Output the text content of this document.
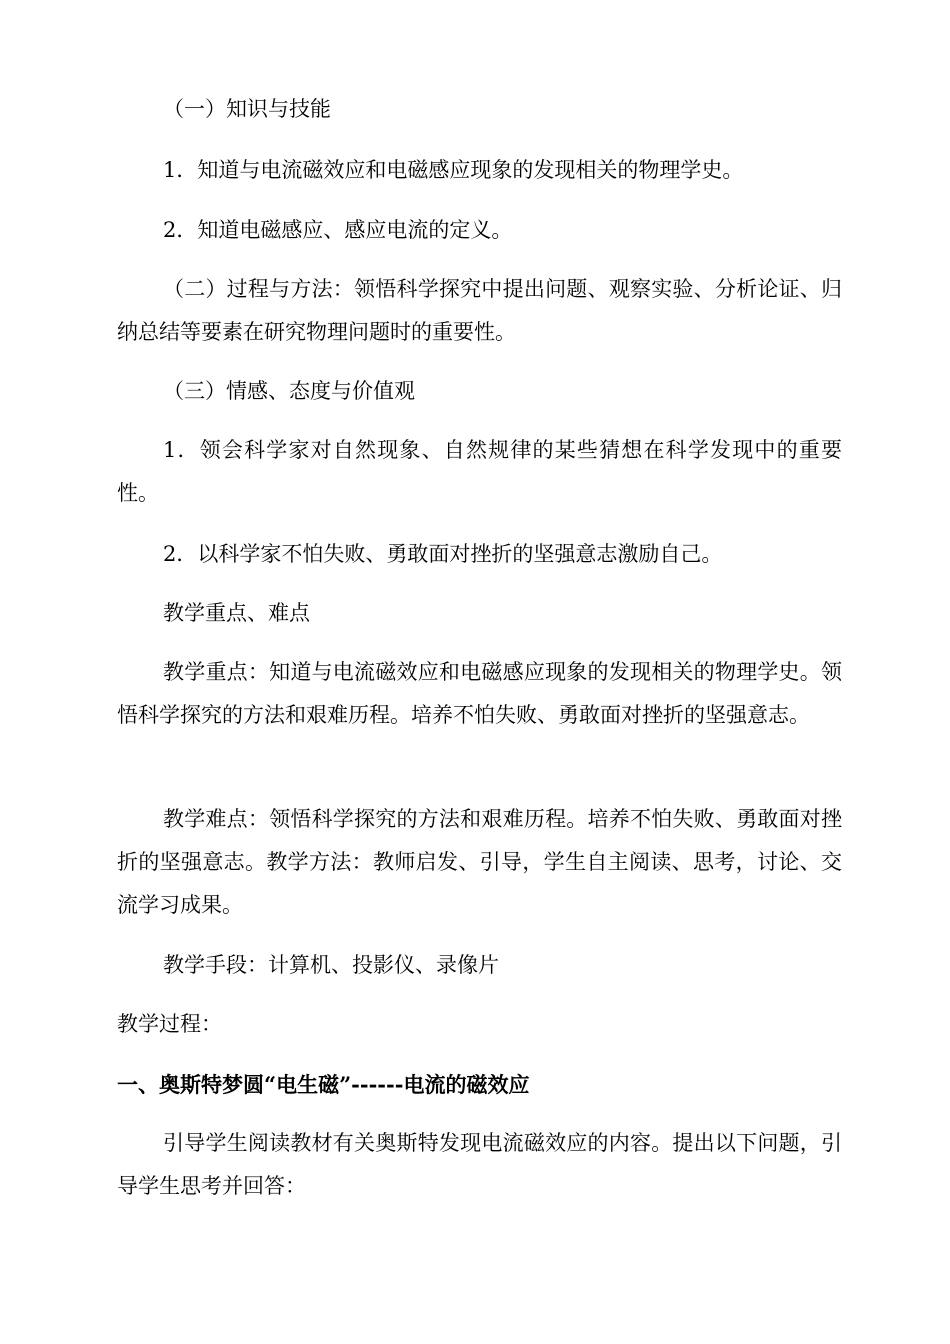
（一）知识与技能

1．知道与电流磁效应和电磁感应现象的发现相关的物理学史。

2．知道电磁感应、感应电流的定义。

（二）过程与方法：领悟科学探究中提出问题、观察实验、分析论证、归纳总结等要素在研究物理问题时的重要性。

（三）情感、态度与价值观

1．领会科学家对自然现象、自然规律的某些猜想在科学发现中的重要性。

2．以科学家不怕失败、勇敢面对挫折的坚强意志激励自己。

教学重点、难点

教学重点：知道与电流磁效应和电磁感应现象的发现相关的物理学史。领悟科学探究的方法和艰难历程。培养不怕失败、勇敢面对挫折的坚强意志。

教学难点：领悟科学探究的方法和艰难历程。培养不怕失败、勇敢面对挫折的坚强意志。教学方法：教师启发、引导，学生自主阅读、思考，讨论、交流学习成果。

教学手段：计算机、投影仪、录像片

教学过程：

一、奥斯特梦圆“电生磁”------电流的磁效应

引导学生阅读教材有关奥斯特发现电流磁效应的内容。提出以下问题，引导学生思考并回答：
